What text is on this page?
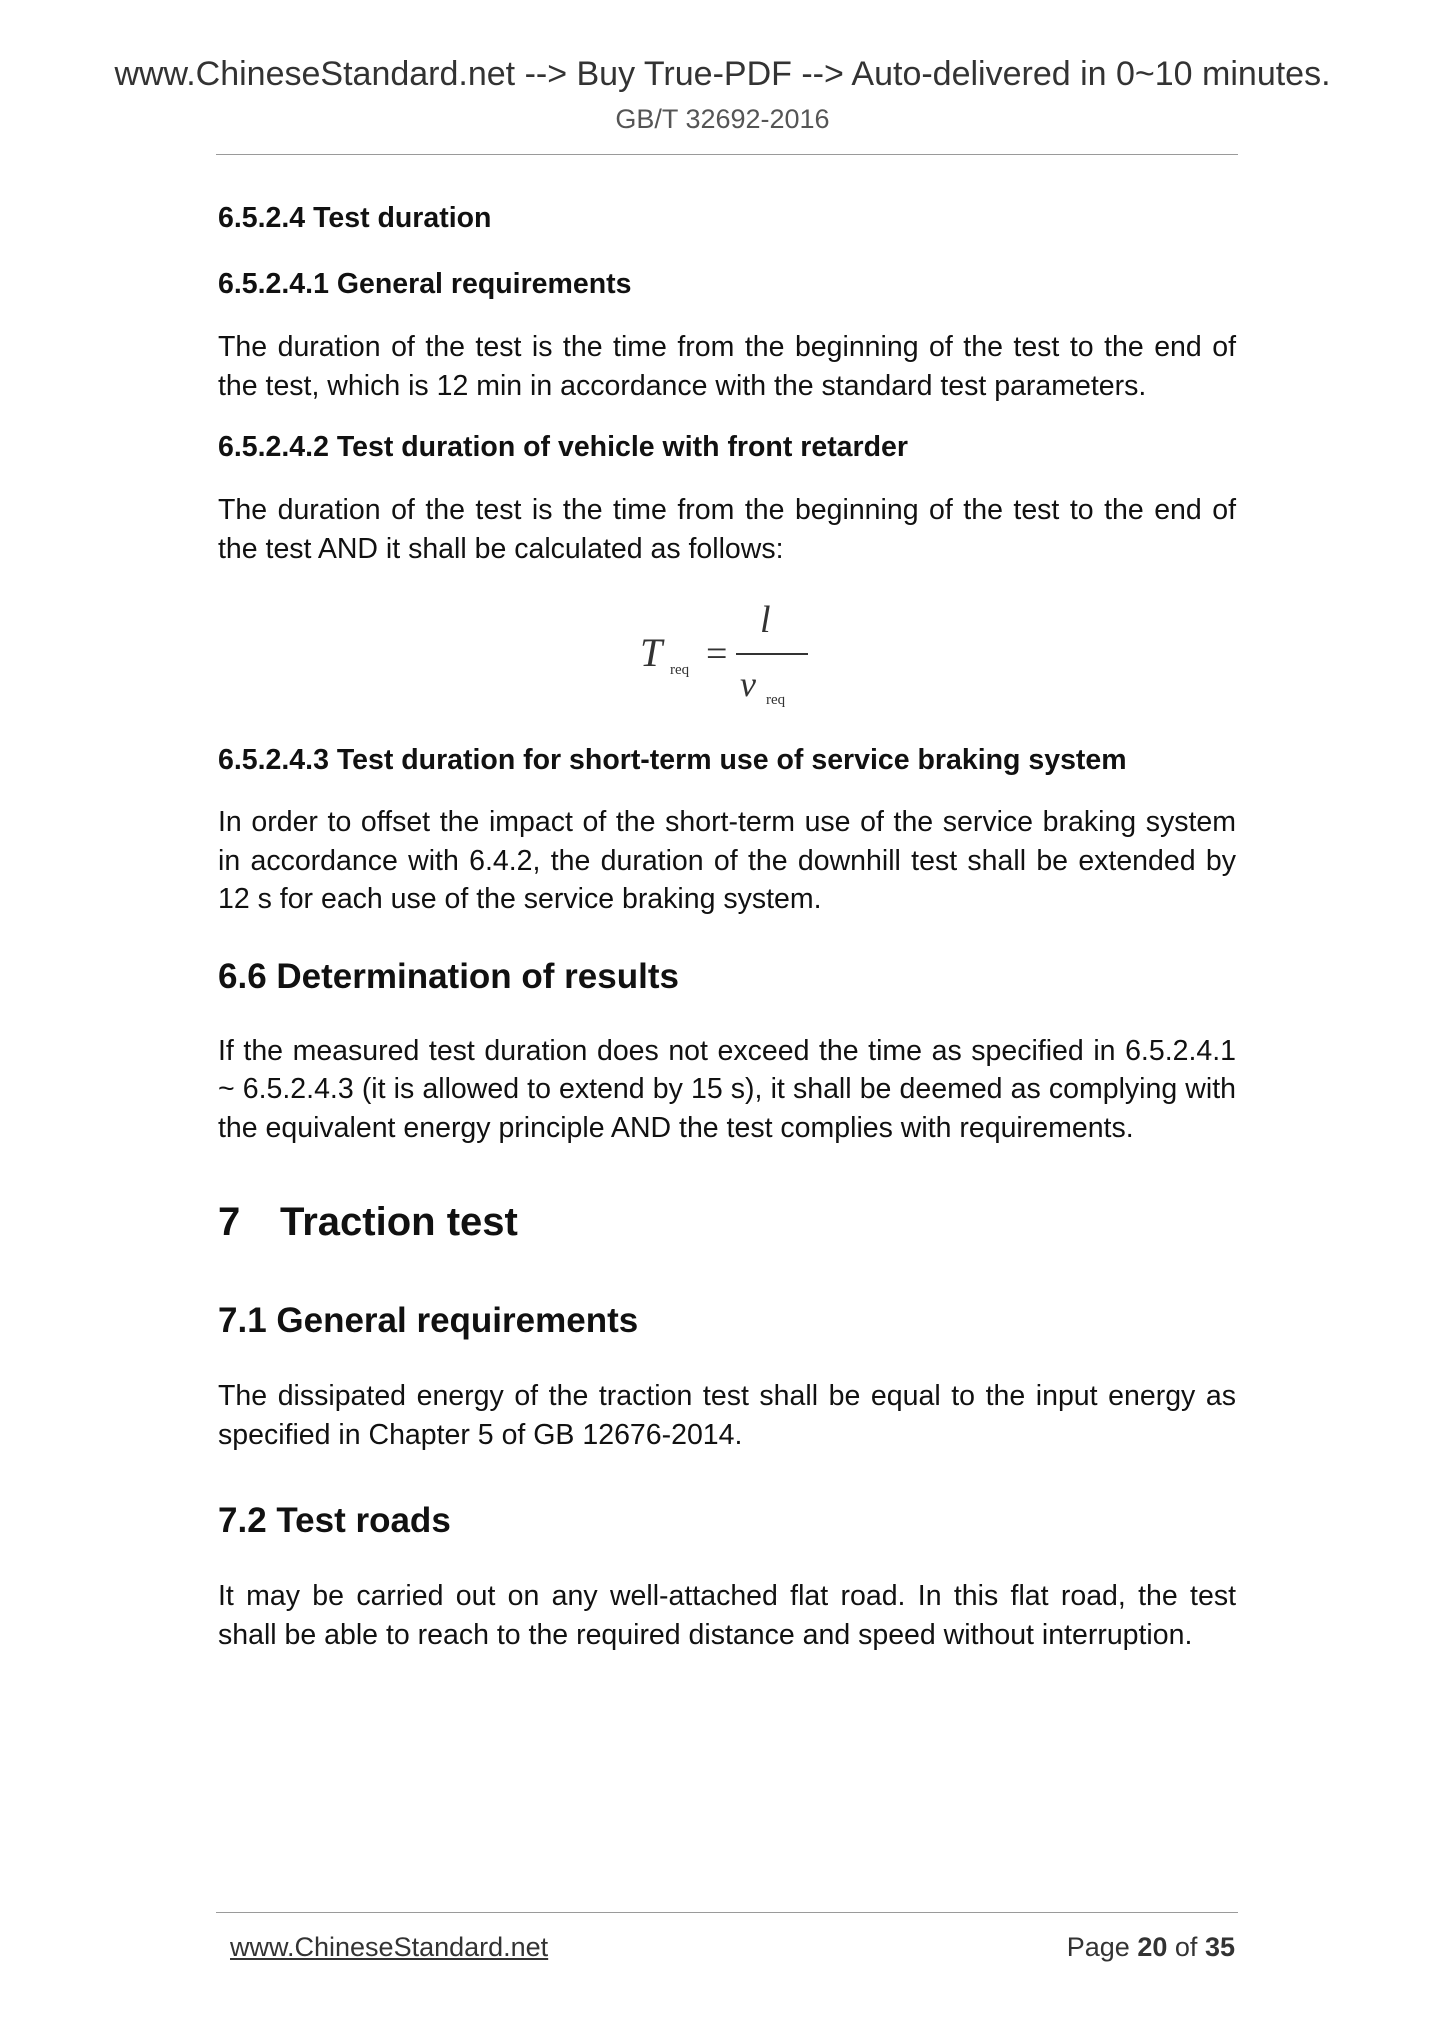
www.ChineseStandard.net --> Buy True-PDF --> Auto-delivered in 0~10 minutes.
GB/T 32692-2016
6.5.2.4 Test duration
6.5.2.4.1 General requirements

The duration of the test is the time from the beginning of the test to the end of the test, which is 12 min in accordance with the standard test parameters.

6.5.2.4.2 Test duration of vehicle with front retarder

The duration of the test is the time from the beginning of the test to the end of the test AND it shall be calculated as follows:

T req =
l
v req
6.5.2.4.3 Test duration for short-term use of service braking system

In order to offset the impact of the short-term use of the service braking system in accordance with 6.4.2, the duration of the downhill test shall be extended by 12 s for each use of the service braking system.

6.6 Determination of results

If the measured test duration does not exceed the time as specified in 6.5.2.4.1 ~ 6.5.2.4.3 (it is allowed to extend by 15 s), it shall be deemed as complying with the equivalent energy principle AND the test complies with requirements.

7 Traction test
7.1 General requirements

The dissipated energy of the traction test shall be equal to the input energy as specified in Chapter 5 of GB 12676-2014.

7.2 Test roads

It may be carried out on any well-attached flat road. In this flat road, the test shall be able to reach to the required distance and speed without interruption.

www.ChineseStandard.net	Page 20 of 35
